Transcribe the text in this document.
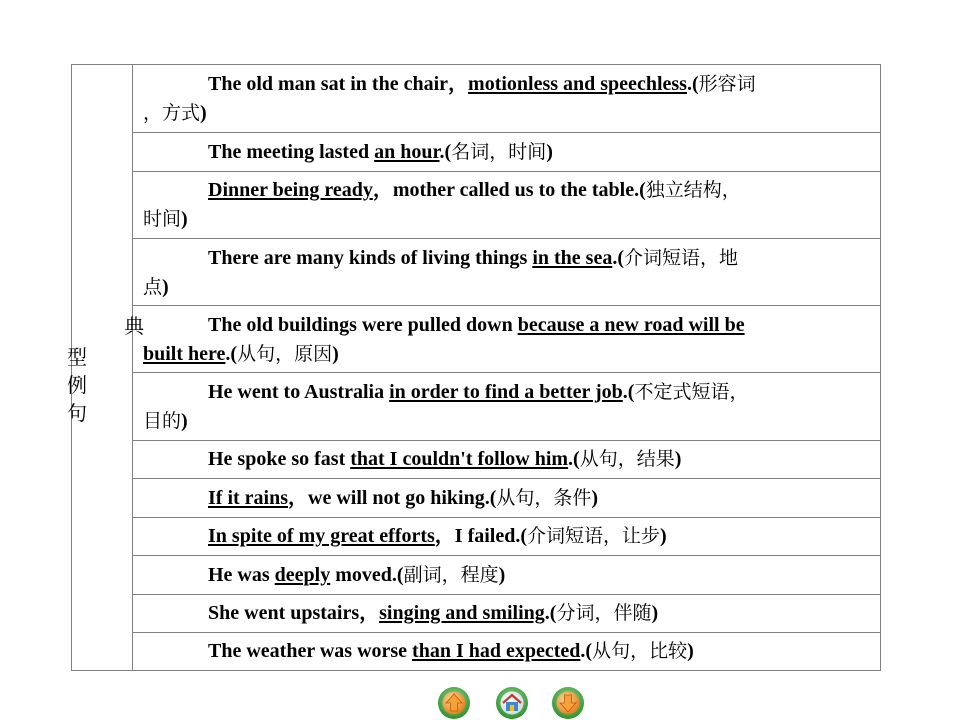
典
型
例
句
The old man sat in the chair，motionless and speechless.(形容词
，方式)
The meeting lasted an hour.(名词，时间)
Dinner being ready，mother called us to the table.(独立结构，
时间)
There are many kinds of living things in the sea.(介词短语，地
点)
The old buildings were pulled down because a new road will be
built here.(从句，原因)
He went to Australia in order to find a better job.(不定式短语，
目的)
He spoke so fast that I couldn't follow him.(从句，结果)
If it rains，we will not go hiking.(从句，条件)
In spite of my great efforts，I failed.(介词短语，让步)
He was deeply moved.(副词，程度)
She went upstairs，singing and smiling.(分词，伴随)
The weather was worse than I had expected.(从句，比较)
